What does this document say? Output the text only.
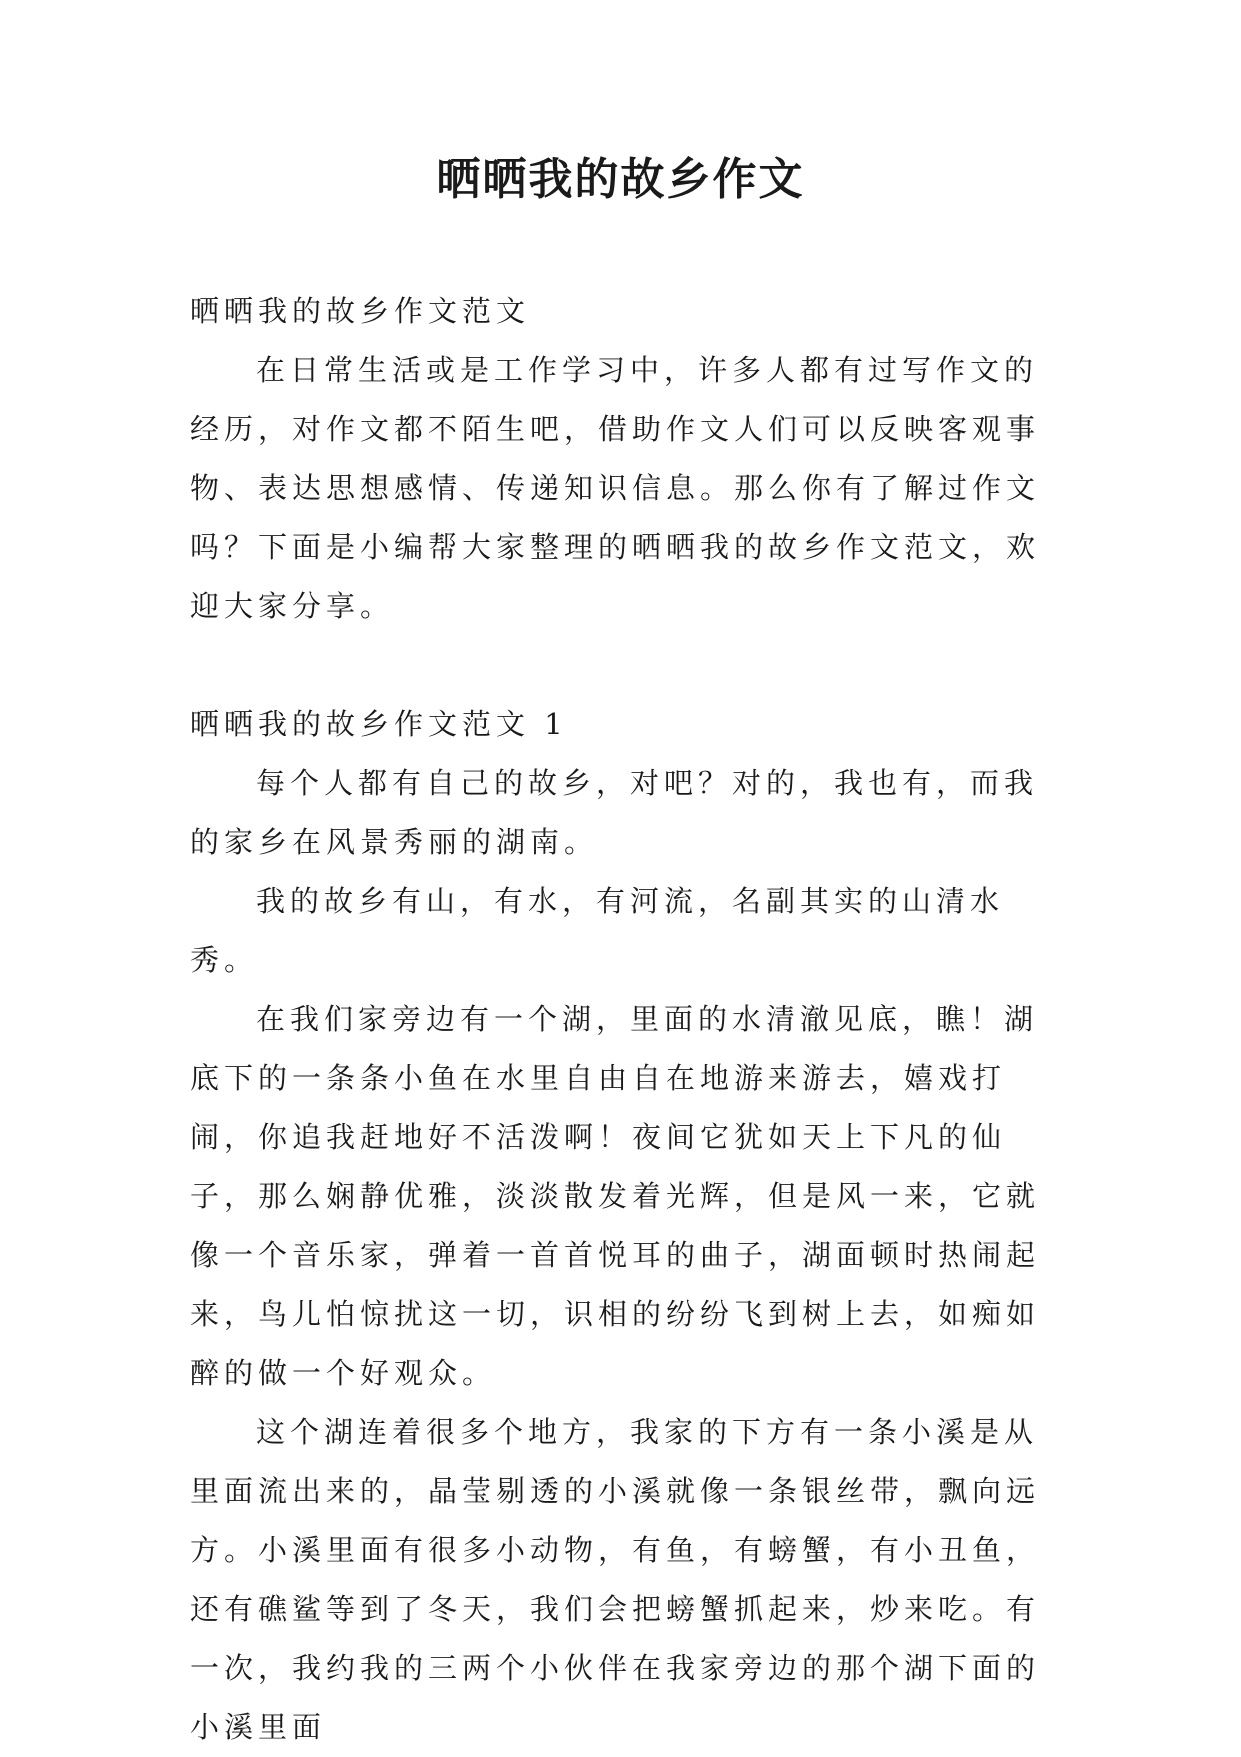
晒晒我的故乡作文

晒晒我的故乡作文范文

在日常生活或是工作学习中，许多人都有过写作文的经历，对作文都不陌生吧，借助作文人们可以反映客观事物、表达思想感情、传递知识信息。那么你有了解过作文吗？下面是小编帮大家整理的晒晒我的故乡作文范文，欢迎大家分享。

晒晒我的故乡作文范文 1

每个人都有自己的故乡，对吧？对的，我也有，而我的家乡在风景秀丽的湖南。

我的故乡有山，有水，有河流，名副其实的山清水秀。

在我们家旁边有一个湖，里面的水清澈见底，瞧！湖底下的一条条小鱼在水里自由自在地游来游去，嬉戏打闹，你追我赶地好不活泼啊！夜间它犹如天上下凡的仙子，那么娴静优雅，淡淡散发着光辉，但是风一来，它就像一个音乐家，弹着一首首悦耳的曲子，湖面顿时热闹起来，鸟儿怕惊扰这一切，识相的纷纷飞到树上去，如痴如醉的做一个好观众。

这个湖连着很多个地方，我家的下方有一条小溪是从里面流出来的，晶莹剔透的小溪就像一条银丝带，飘向远方。小溪里面有很多小动物，有鱼，有螃蟹，有小丑鱼，还有礁鲨等到了冬天，我们会把螃蟹抓起来，炒来吃。有一次，我约我的三两个小伙伴在我家旁边的那个湖下面的小溪里面
